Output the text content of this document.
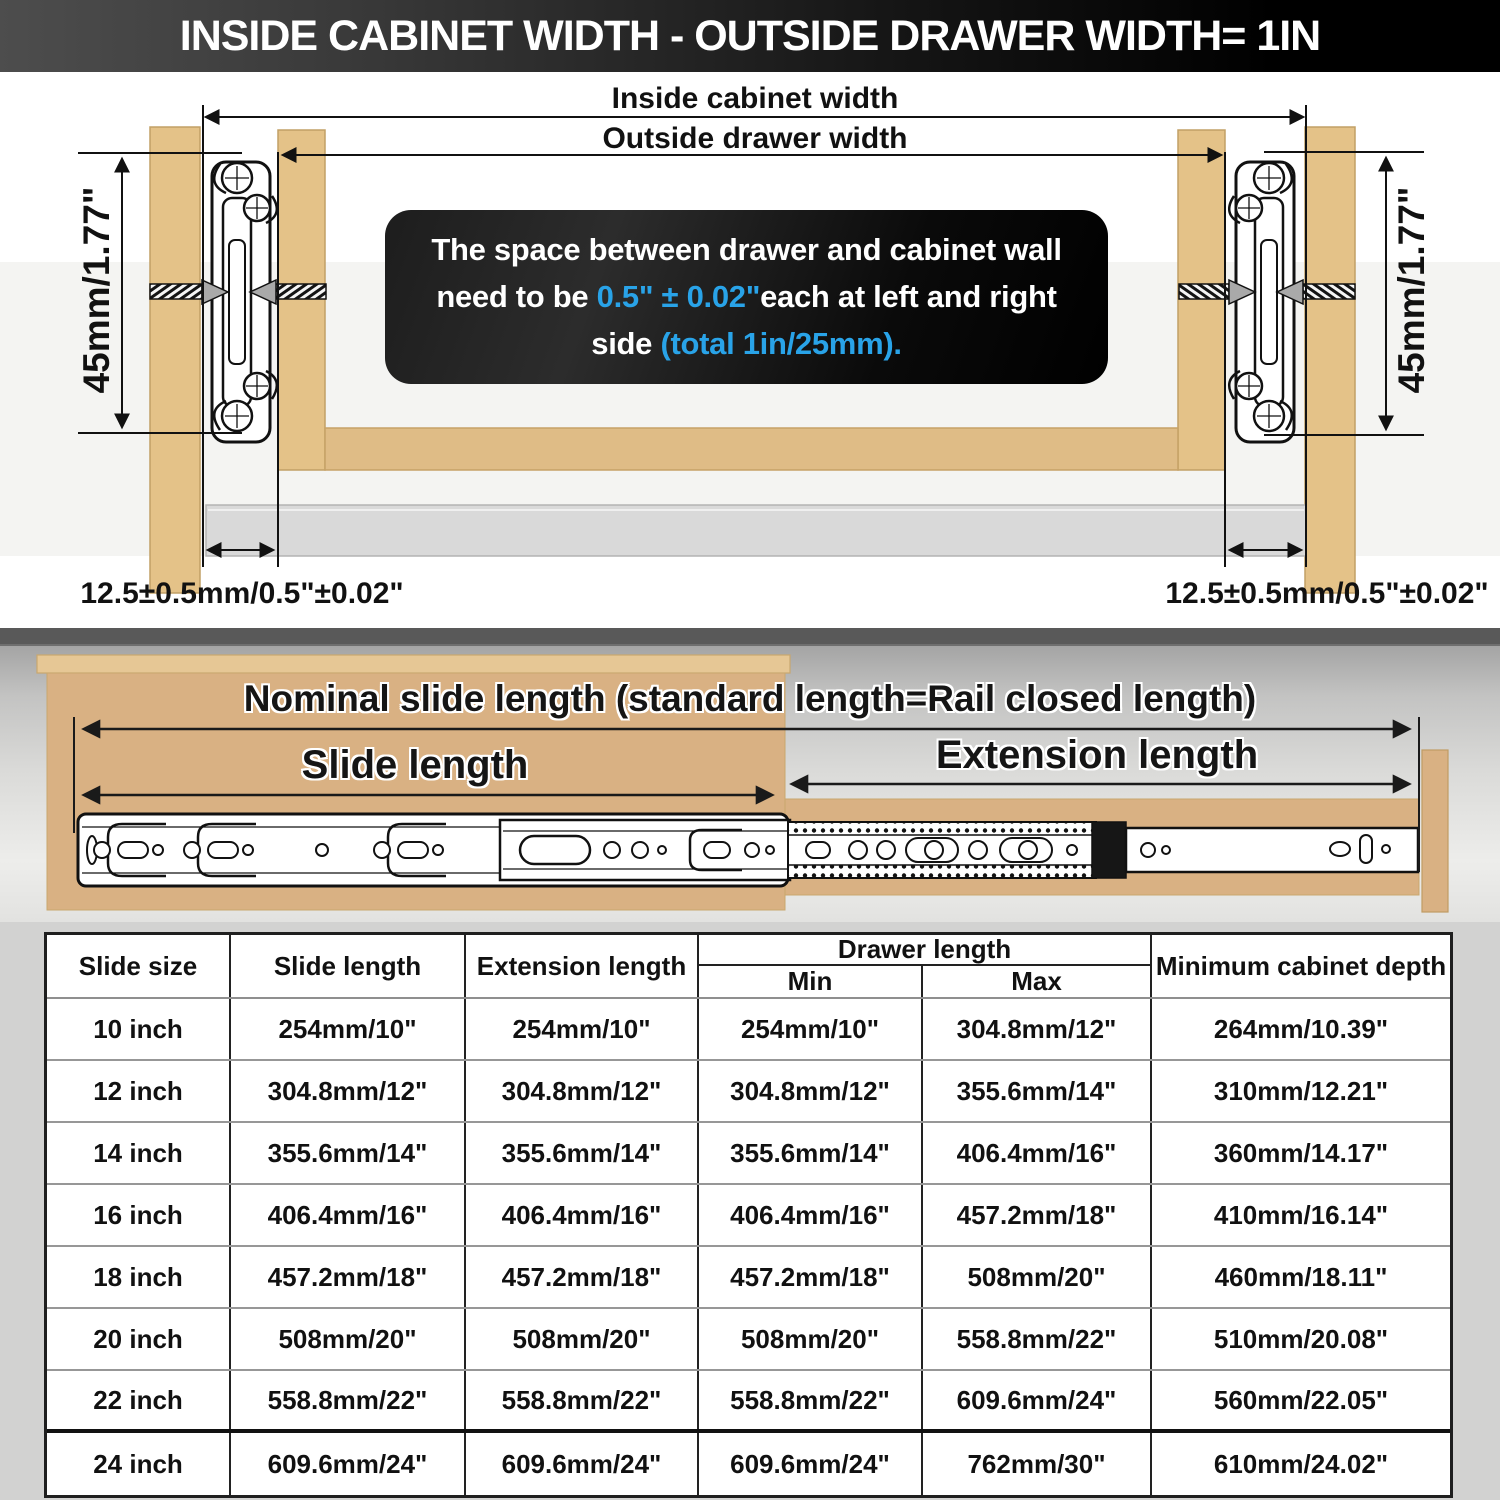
INSIDE CABINET WIDTH - OUTSIDE DRAWER WIDTH= 1IN
Inside cabinet width
Outside drawer width
45mm/1.77"	45mm/1.77"
12.5±0.5mm/0.5"±0.02"	12.5±0.5mm/0.5"±0.02"
The space between drawer and cabinet wall
need to be 0.5" ± 0.02"each at left and right
side (total 1in/25mm).
Nominal slide length (standard length=Rail closed length)
Slide length	Extension length
Slide size	Slide length	Extension length
Drawer length
Minimum cabinet depth
Min	Max
10 inch	254mm/10"	254mm/10"	254mm/10"	304.8mm/12"	264mm/10.39"
12 inch	304.8mm/12"	304.8mm/12"	304.8mm/12"	355.6mm/14"	310mm/12.21"
14 inch	355.6mm/14"	355.6mm/14"	355.6mm/14"	406.4mm/16"	360mm/14.17"
16 inch	406.4mm/16"	406.4mm/16"	406.4mm/16"	457.2mm/18"	410mm/16.14"
18 inch	457.2mm/18"	457.2mm/18"	457.2mm/18"	508mm/20"	460mm/18.11"
20 inch	508mm/20"	508mm/20"	508mm/20"	558.8mm/22"	510mm/20.08"
22 inch	558.8mm/22"	558.8mm/22"	558.8mm/22"	609.6mm/24"	560mm/22.05"
24 inch	609.6mm/24"	609.6mm/24"	609.6mm/24"	762mm/30"	610mm/24.02"
